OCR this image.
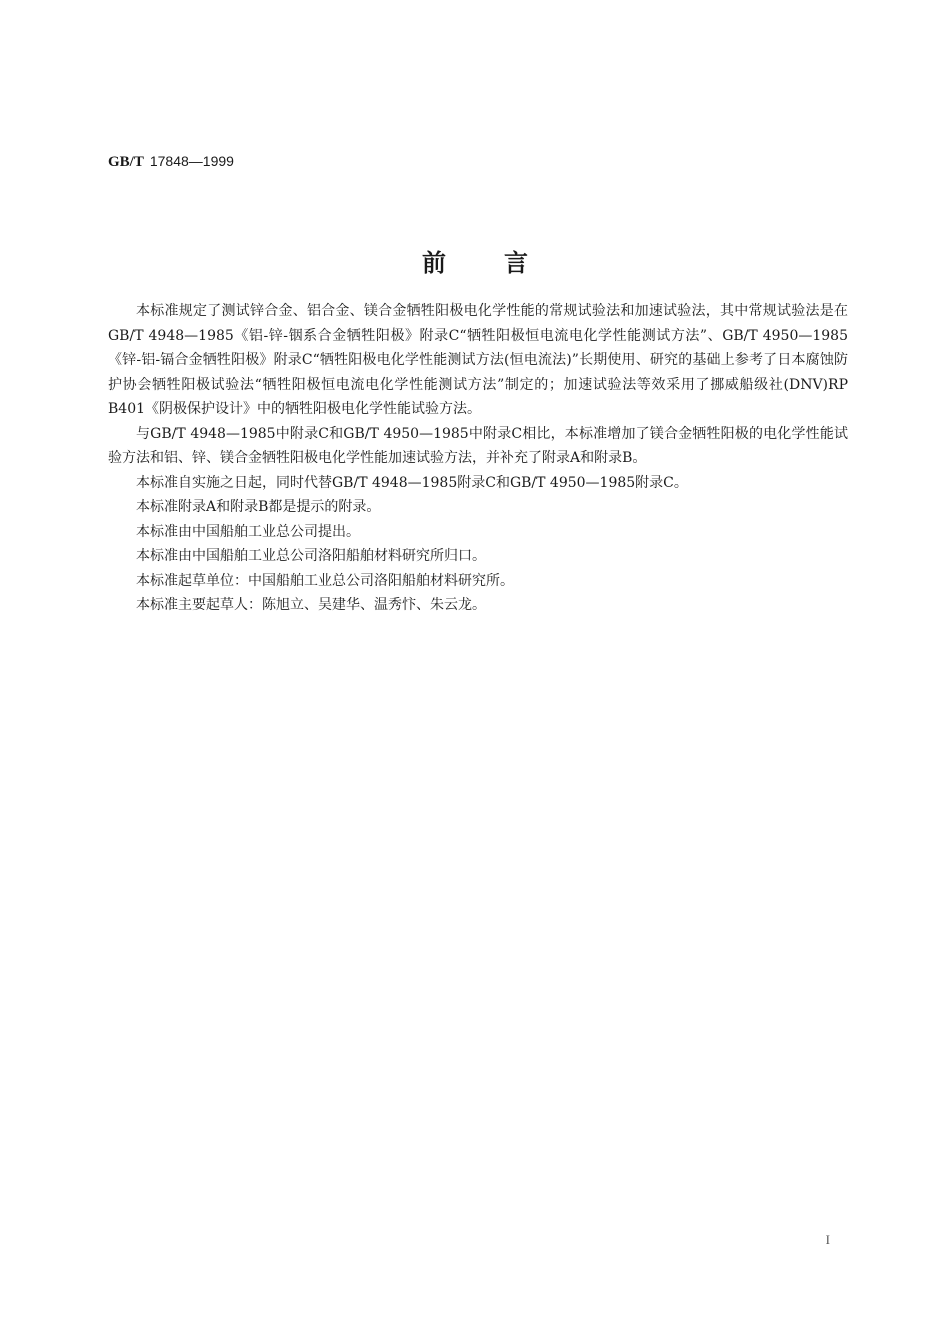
GB/T 17848—1999
前言

本标准规定了测试锌合金、铝合金、镁合金牺牲阳极电化学性能的常规试验法和加速试验法，其中常规试验法是在GB/T 4948—1985《铝-锌-铟系合金牺牲阳极》附录C“牺牲阳极恒电流电化学性能测试方法”、GB/T 4950—1985《锌-铝-镉合金牺牲阳极》附录C“牺牲阳极电化学性能测试方法(恒电流法)”长期使用、研究的基础上参考了日本腐蚀防护协会牺牲阳极试验法“牺牲阳极恒电流电化学性能测试方法”制定的；加速试验法等效采用了挪威船级社(DNV)RP B401《阴极保护设计》中的牺牲阳极电化学性能试验方法。

与GB/T 4948—1985中附录C和GB/T 4950—1985中附录C相比，本标准增加了镁合金牺牲阳极的电化学性能试验方法和铝、锌、镁合金牺牲阳极电化学性能加速试验方法，并补充了附录A和附录B。

本标准自实施之日起，同时代替GB/T 4948—1985附录C和GB/T 4950—1985附录C。

本标准附录A和附录B都是提示的附录。

本标准由中国船舶工业总公司提出。

本标准由中国船舶工业总公司洛阳船舶材料研究所归口。

本标准起草单位：中国船舶工业总公司洛阳船舶材料研究所。

本标准主要起草人：陈旭立、吴建华、温秀忭、朱云龙。

I
